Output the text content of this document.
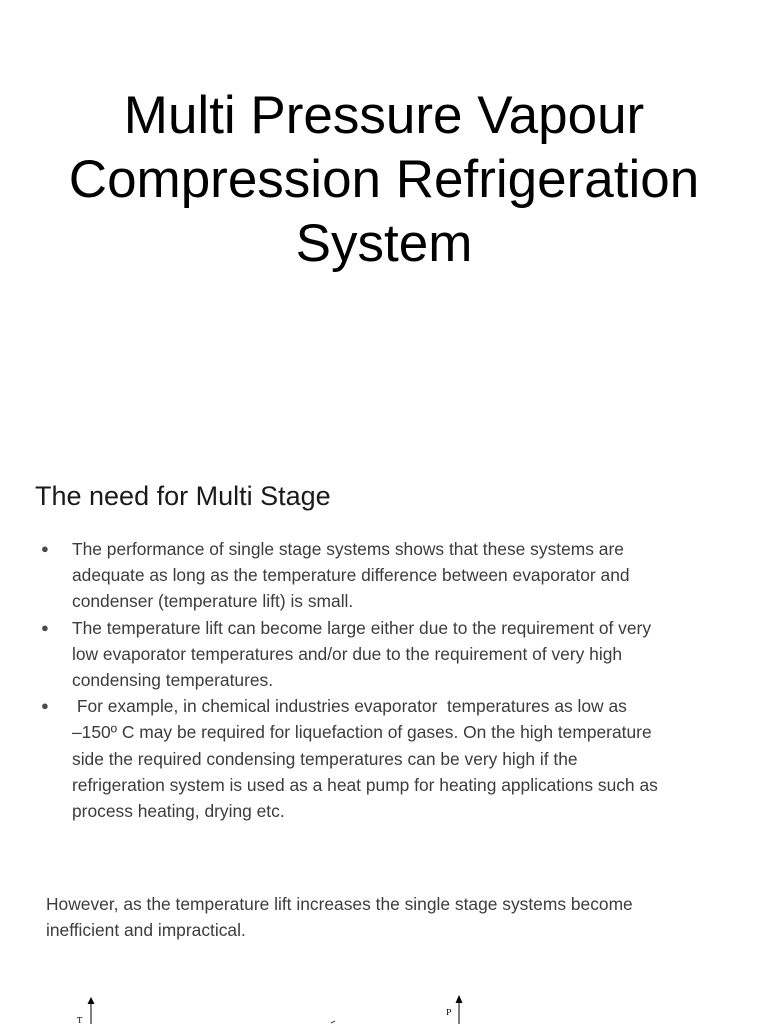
Multi Pressure Vapour
Compression Refrigeration
System
The need for Multi Stage
● The performance of single stage systems shows that these systems are
adequate as long as the temperature difference between evaporator and
condenser (temperature lift) is small.
● The temperature lift can become large either due to the requirement of very
low evaporator temperatures and/or due to the requirement of very high
condensing temperatures.
● For example, in chemical industries evaporator  temperatures as low as
–150º C may be required for liquefaction of gases. On the high temperature
side the required condensing temperatures can be very high if the
refrigeration system is used as a heat pump for heating applications such as
process heating, drying etc.
However, as the temperature lift increases the single stage systems become
inefficient and impractical.
T
P
